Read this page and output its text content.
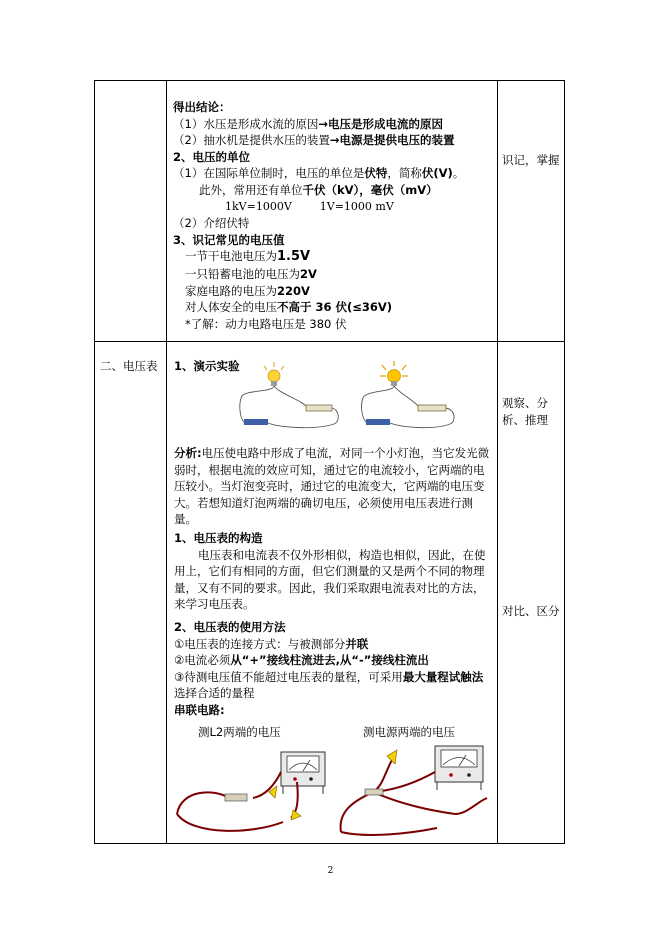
得出结论：
（1）水压是形成水流的原因→电压是形成电流的原因
（2）抽水机是提供水压的装置→电源是提供电压的装置
2、电压的单位
（1）在国际单位制时，电压的单位是伏特，简称伏(V)。
此外，常用还有单位千伏（kV），毫伏（mV）
1kV=1000V	1V=1000 mV
（2）介绍伏特
3、识记常见的电压值
一节干电池电压为1.5V
一只铅蓄电池的电压为2V
家庭电路的电压为220V
对人体安全的电压不高于 36 伏(≤36V)
*了解：动力电路电压是 380 伏
识记，掌握
二、电压表 1、演示实验
分析:电压使电路中形成了电流，对同一个小灯泡，当它发光微弱时，根据电流的效应可知，通过它的电流较小，它两端的电压较小。当灯泡变亮时，通过它的电流变大，它两端的电压变大。若想知道灯泡两端的确切电压，必须使用电压表进行测量。
1、电压表的构造
电压表和电流表不仅外形相似，构造也相似，因此，在使用上，它们有相同的方面，但它们测量的又是两个不同的物理量，又有不同的要求。因此，我们采取跟电流表对比的方法，来学习电压表。
2、电压表的使用方法
①电压表的连接方式：与被测部分并联
②电流必须从“+”接线柱流进去,从“-”接线柱流出
③待测电压值不能超过电压表的量程，可采用最大量程试触法
选择合适的量程
串联电路:
测L2两端的电压	测电源两端的电压
观察、分析、推理
对比、区分
2
